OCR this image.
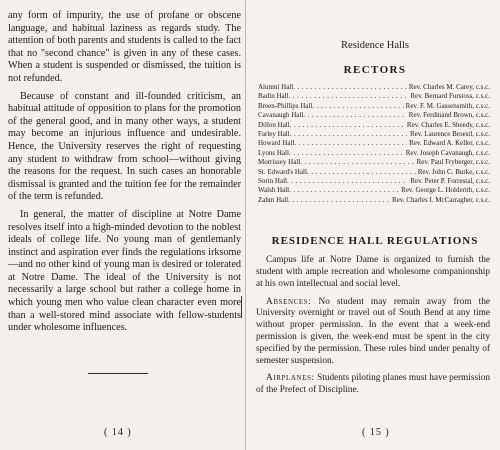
any form of impurity, the use of profane or obscene language, and habitual laziness as regards study. The attention of both parents and students is called to the fact that no "second chance" is given in any of these cases. When a student is suspended or dismissed, the tuition is not refunded.

Because of constant and ill-founded criticism, an habitual attitude of opposition to plans for the promotion of the general good, and in many other ways, a student may become an injurious influence and undesirable. Hence, the University reserves the right of requesting any student to withdraw from school—without giving the reasons for the request. In such cases an honorable dismissal is granted and the tuition fee for the remainder of the term is refunded.

In general, the matter of discipline at Notre Dame resolves itself into a high-minded devotion to the noblest ideals of college life. No young man of gentlemanly instinct and aspiration ever finds the regulations irksome—and no other kind of young man is desired or tolerated at Notre Dame. The ideal of the University is not necessarily a large school but rather a college home in which young men who value clean character even more than a well-stored mind associate with fellow-students under wholesome influences.

( 14 )
Residence Halls
RECTORS
Alumni Hall . . .	Rev. Charles M. Carey, c.s.c.
Badin Hall . . .	Rev. Bernard Furstoss, c.s.c.
Breen-Phillips Hall . . .	Rev. F. M. Gassensmith, c.s.c.
Cavanaugh Hall . . .	Rev. Ferdinand Brown, c.s.c.
Dillon Hall . . .	Rev. Charles E. Sheedy, c.s.c.
Farley Hall . . .	Rev. Laurence Broestl, c.s.c.
Howard Hall . . .	Rev. Edward A. Keller, c.s.c.
Lyons Hall . . .	Rev. Joseph Cavanaugh, c.s.c.
Morrissey Hall . . .	Rev. Paul Fryberger, c.s.c.
St. Edward's Hall . . .	Rev. John C. Burke, c.s.c.
Sorin Hall . . .	Rev. Peter P. Forrestal, c.s.c.
Walsh Hall . . .	Rev. George L. Holderith, c.s.c.
Zahm Hall . . .	Rev. Charles I. McCarragher, c.s.c.
RESIDENCE HALL REGULATIONS

Campus life at Notre Dame is organized to furnish the student with ample recreation and wholesome companionship at his own intellectual and social level.

Absences: No student may remain away from the University overnight or travel out of South Bend at any time without proper permission. In the event that a week-end permission is given, the week-end must be spent in the city specified by the permission. These rules bind under penalty of semester suspension.

Airplanes: Students piloting planes must have permission of the Prefect of Discipline.

( 15 )
